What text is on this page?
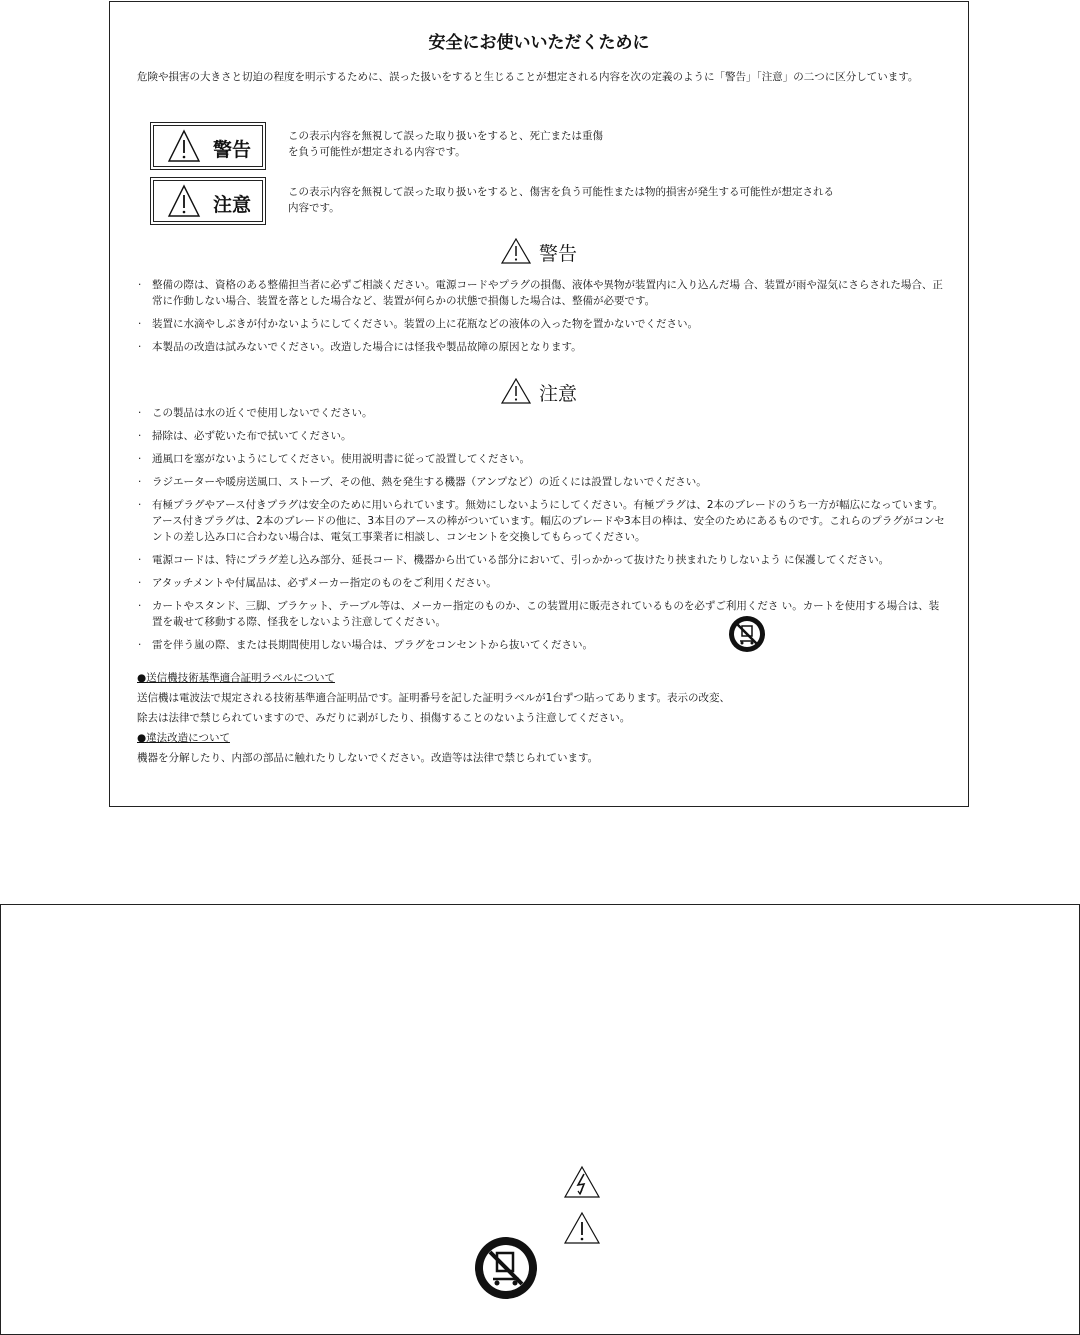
安全にお使いいただくために
危険や損害の大きさと切迫の程度を明示するために、誤った扱いをすると生じることが想定される内容を次の定義のように「警告」「注意」の二つに区分しています。
警告
この表示内容を無視して誤った取り扱いをすると、死亡または重傷
を負う可能性が想定される内容です。
注意
この表示内容を無視して誤った取り扱いをすると、傷害を負う可能性または物的損害が発生する可能性が想定される
内容です。
警告
· 整備の際は、資格のある整備担当者に必ずご相談ください。電源コードやプラグの損傷、液体や異物が装置内に入り込んだ場 合、装置が雨や湿気にさらされた場合、正常に作動しない場合、装置を落とした場合など、装置が何らかの状態で損傷した場合は、整備が必要です。
· 装置に水滴やしぶきが付かないようにしてください。装置の上に花瓶などの液体の入った物を置かないでください。
· 本製品の改造は試みないでください。改造した場合には怪我や製品故障の原因となります。
注意
· この製品は水の近くで使用しないでください。
· 掃除は、必ず乾いた布で拭いてください。
· 通風口を塞がないようにしてください。使用説明書に従って設置してください。
· ラジエーターや暖房送風口、ストーブ、その他、熱を発生する機器（アンプなど）の近くには設置しないでください。
· 有極プラグやアース付きプラグは安全のために用いられています。無効にしないようにしてください。有極プラグは、2本のブレードのうち一方が幅広になっています。アース付きプラグは、2本のブレードの他に、3本目のアースの棒がついています。幅広のブレードや3本目の棒は、安全のためにあるものです。これらのプラグがコンセントの差し込み口に合わない場合は、電気工事業者に相談し、コンセントを交換してもらってください。
· 電源コードは、特にプラグ差し込み部分、延長コード、機器から出ている部分において、引っかかって抜けたり挟まれたりしないよう に保護してください。
· アタッチメントや付属品は、必ずメーカー指定のものをご利用ください。
· カートやスタンド、三脚、ブラケット、テーブル等は、メーカー指定のものか、この装置用に販売されているものを必ずご利用くださ い。カートを使用する場合は、装置を載せて移動する際、怪我をしないよう注意してください。
· 雷を伴う嵐の際、または長期間使用しない場合は、プラグをコンセントから抜いてください。
●送信機技術基準適合証明ラベルについて
送信機は電波法で規定される技術基準適合証明品です。証明番号を記した証明ラベルが1台ずつ貼ってあります。表示の改変、
除去は法律で禁じられていますので、みだりに剥がしたり、損傷することのないよう注意してください。
●違法改造について
機器を分解したり、内部の部品に触れたりしないでください。改造等は法律で禁じられています。
